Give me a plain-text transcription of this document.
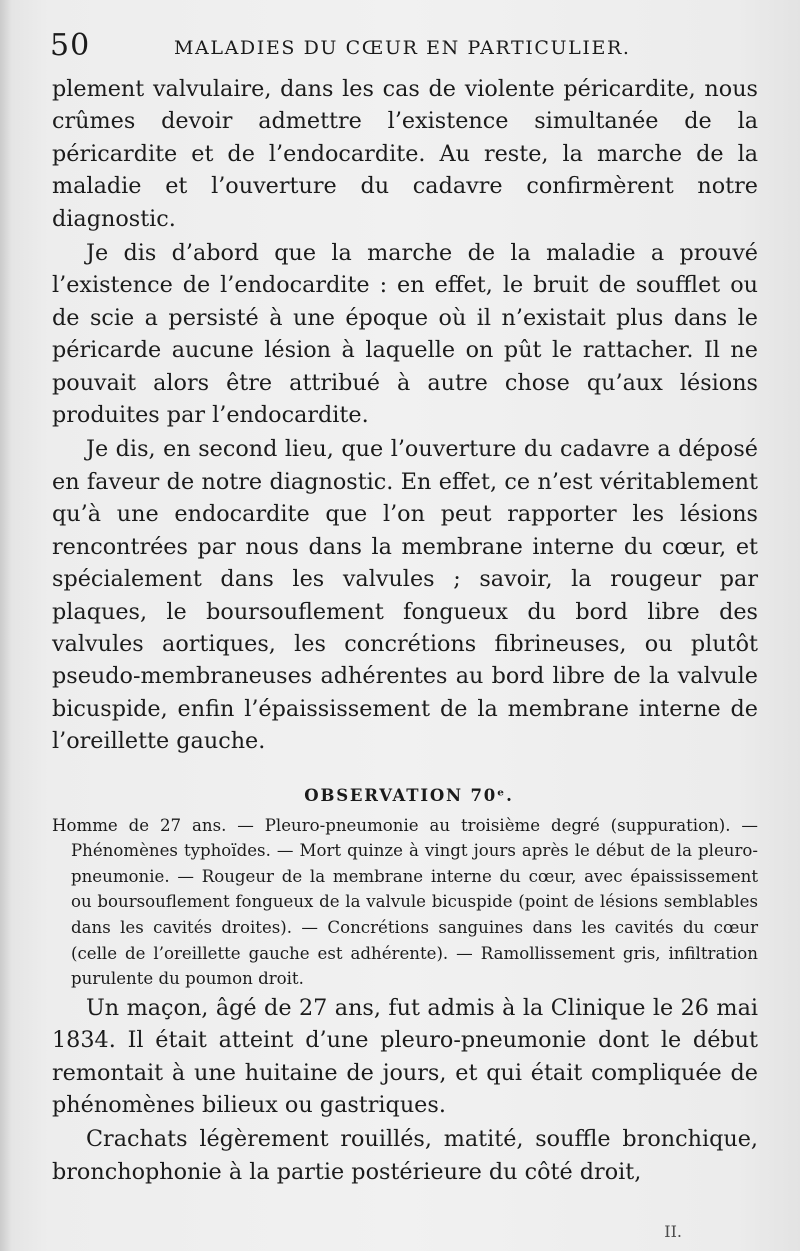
50	MALADIES DU CŒUR EN PARTICULIER.

plement valvulaire, dans les cas de violente péricardite, nous crûmes devoir admettre l’existence simultanée de la péricardite et de l’endocardite. Au reste, la marche de la maladie et l’ouverture du cadavre confirmèrent notre diagnostic.

Je dis d’abord que la marche de la maladie a prouvé l’existence de l’endocardite : en effet, le bruit de soufflet ou de scie a persisté à une époque où il n’existait plus dans le péricarde aucune lésion à laquelle on pût le rattacher. Il ne pouvait alors être attribué à autre chose qu’aux lésions produites par l’endocardite.

Je dis, en second lieu, que l’ouverture du cadavre a déposé en faveur de notre diagnostic. En effet, ce n’est véritablement qu’à une endocardite que l’on peut rapporter les lésions rencontrées par nous dans la membrane interne du cœur, et spécialement dans les valvules ; savoir, la rougeur par plaques, le boursouflement fongueux du bord libre des valvules aortiques, les concrétions fibrineuses, ou plutôt pseudo-membraneuses adhérentes au bord libre de la valvule bicuspide, enfin l’épaississement de la membrane interne de l’oreillette gauche.

OBSERVATION 70ᵉ.

Homme de 27 ans. — Pleuro-pneumonie au troisième degré (suppuration). — Phénomènes typhoïdes. — Mort quinze à vingt jours après le début de la pleuro-pneumonie. — Rougeur de la membrane interne du cœur, avec épaississement ou boursouflement fongueux de la valvule bicuspide (point de lésions semblables dans les cavités droites). — Concrétions sanguines dans les cavités du cœur (celle de l’oreillette gauche est adhérente). — Ramollissement gris, infiltration purulente du poumon droit.

Un maçon, âgé de 27 ans, fut admis à la Clinique le 26 mai 1834. Il était atteint d’une pleuro-pneumonie dont le début remontait à une huitaine de jours, et qui était compliquée de phénomènes bilieux ou gastriques.

Crachats légèrement rouillés, matité, souffle bronchique, bronchophonie à la partie postérieure du côté droit,

II.
